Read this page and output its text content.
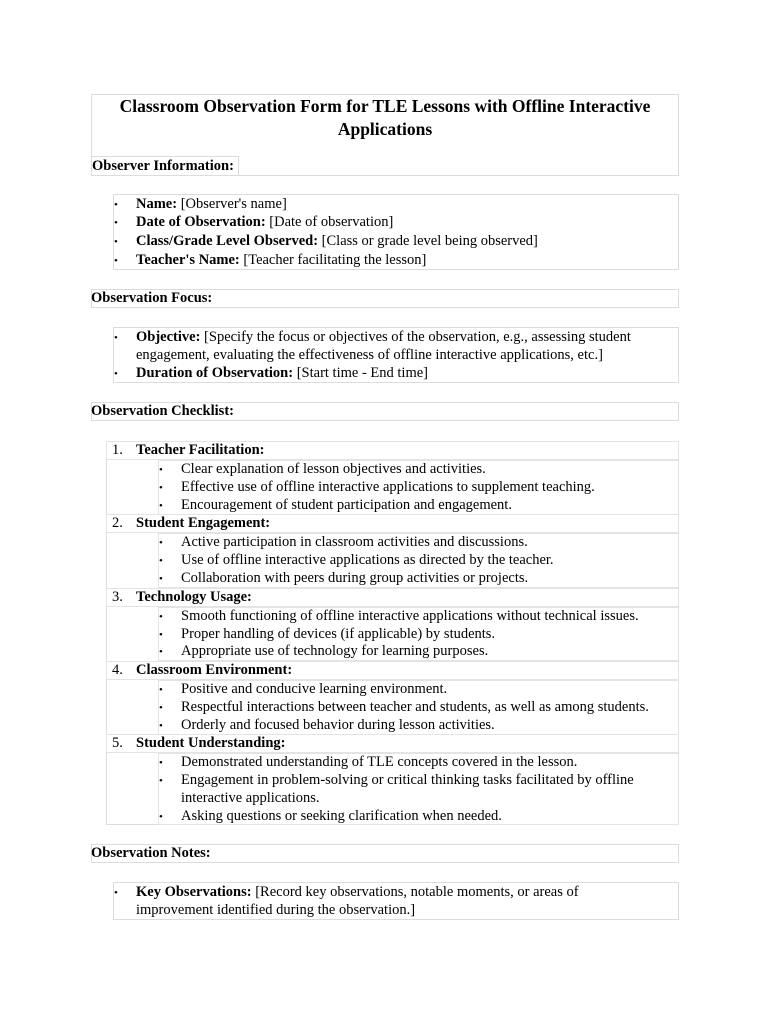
Classroom Observation Form for TLE Lessons with Offline Interactive
Applications
Observer Information:
• Name: [Observer's name]
• Date of Observation: [Date of observation]
• Class/Grade Level Observed: [Class or grade level being observed]
• Teacher's Name: [Teacher facilitating the lesson]
Observation Focus:
• Objective: [Specify the focus or objectives of the observation, e.g., assessing student
engagement, evaluating the effectiveness of offline interactive applications, etc.]
• Duration of Observation: [Start time - End time]
Observation Checklist:
1. Teacher Facilitation:
• Clear explanation of lesson objectives and activities.
• Effective use of offline interactive applications to supplement teaching.
• Encouragement of student participation and engagement.
2. Student Engagement:
• Active participation in classroom activities and discussions.
• Use of offline interactive applications as directed by the teacher.
• Collaboration with peers during group activities or projects.
3. Technology Usage:
• Smooth functioning of offline interactive applications without technical issues.
• Proper handling of devices (if applicable) by students.
• Appropriate use of technology for learning purposes.
4. Classroom Environment:
• Positive and conducive learning environment.
• Respectful interactions between teacher and students, as well as among students.
• Orderly and focused behavior during lesson activities.
5. Student Understanding:
• Demonstrated understanding of TLE concepts covered in the lesson.
• Engagement in problem-solving or critical thinking tasks facilitated by offline
interactive applications.
• Asking questions or seeking clarification when needed.
Observation Notes:
• Key Observations: [Record key observations, notable moments, or areas of
improvement identified during the observation.]
